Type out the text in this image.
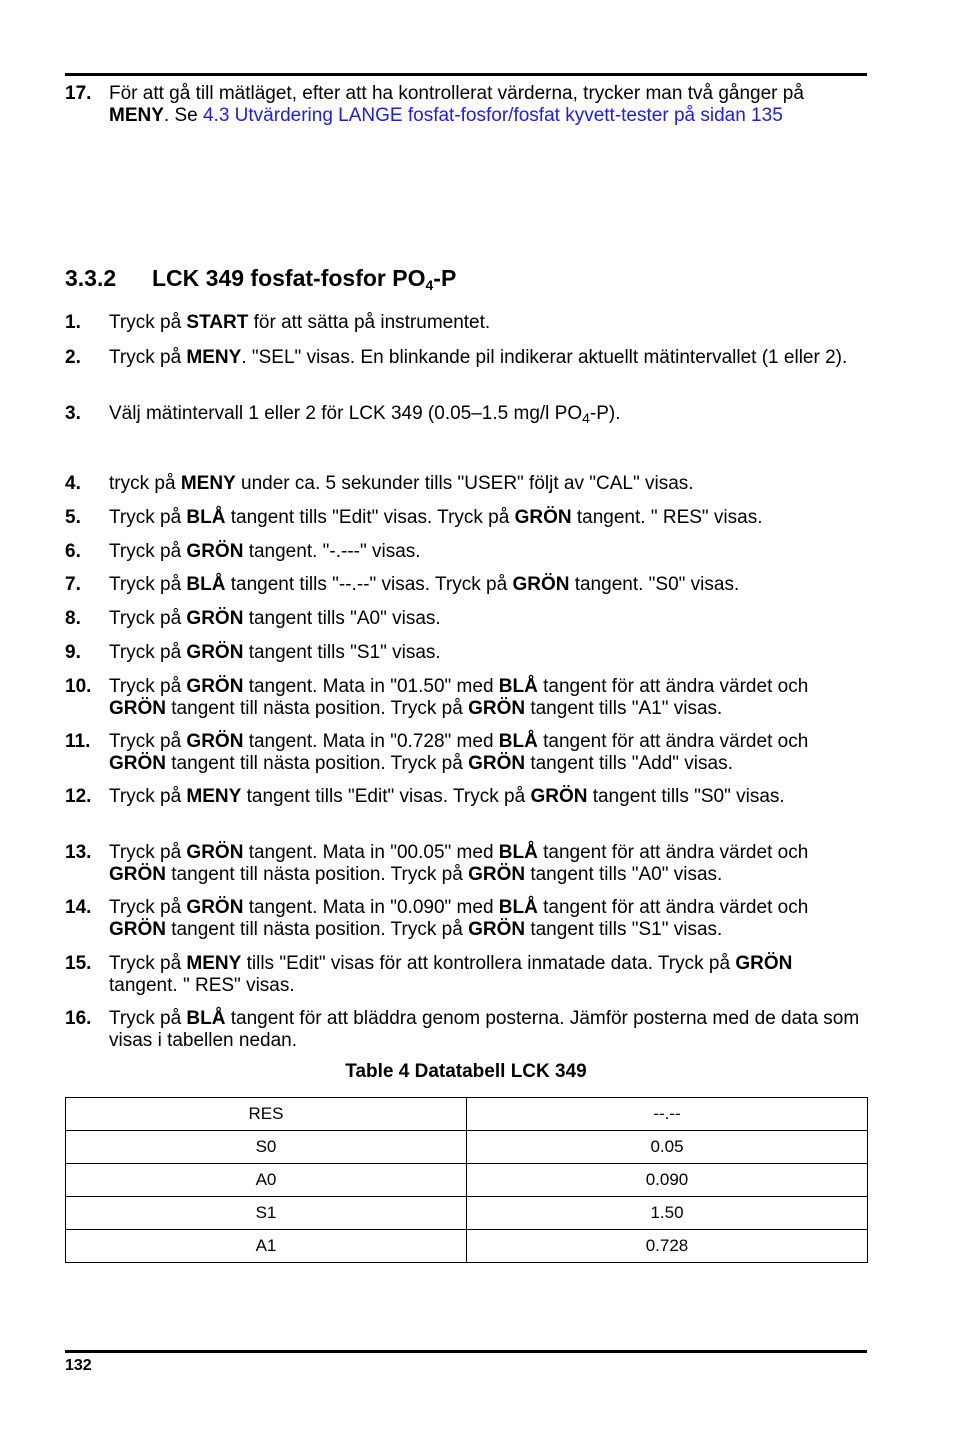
17. För att gå till mätläget, efter att ha kontrollerat värderna, trycker man två gånger på MENY. Se 4.3 Utvärdering LANGE fosfat-fosfor/fosfat kyvett-tester på sidan 135
3.3.2 LCK 349 fosfat-fosfor $PO_4-P$
1. Tryck på START för att sätta på instrumentet.
2. Tryck på MENY. "SEL" visas. En blinkande pil indikerar aktuellt mätintervallet (1 eller 2).
3. Välj mätintervall 1 eller 2 för LCK 349 (0.05–1.5 mg/l $PO_4-P$).
4. tryck på MENY under ca. 5 sekunder tills "USER" följt av "CAL" visas.
5. Tryck på BLÅ tangent tills "Edit" visas. Tryck på GRÖN tangent. " RES" visas.
6. Tryck på GRÖN tangent. "-.---" visas.
7. Tryck på BLÅ tangent tills "--.--" visas. Tryck på GRÖN tangent. "S0" visas.
8. Tryck på GRÖN tangent tills "A0" visas.
9. Tryck på GRÖN tangent tills "S1" visas.
10. Tryck på GRÖN tangent. Mata in "01.50" med BLÅ tangent för att ändra värdet och GRÖN tangent till nästa position. Tryck på GRÖN tangent tills "A1" visas.
11. Tryck på GRÖN tangent. Mata in "0.728" med BLÅ tangent för att ändra värdet och GRÖN tangent till nästa position. Tryck på GRÖN tangent tills "Add" visas.
12. Tryck på MENY tangent tills "Edit" visas. Tryck på GRÖN tangent tills "S0" visas.
13. Tryck på GRÖN tangent. Mata in "00.05" med BLÅ tangent för att ändra värdet och GRÖN tangent till nästa position. Tryck på GRÖN tangent tills "A0" visas.
14. Tryck på GRÖN tangent. Mata in "0.090" med BLÅ tangent för att ändra värdet och GRÖN tangent till nästa position. Tryck på GRÖN tangent tills "S1" visas.
15. Tryck på MENY tills "Edit" visas för att kontrollera inmatade data. Tryck på GRÖN tangent. " RES" visas.
16. Tryck på BLÅ tangent för att bläddra genom posterna. Jämför posterna med de data som visas i tabellen nedan.
Table 4 Datatabell LCK 349
RES	--.--
S0	0.05
A0	0.090
S1	1.50
A1	0.728
132
